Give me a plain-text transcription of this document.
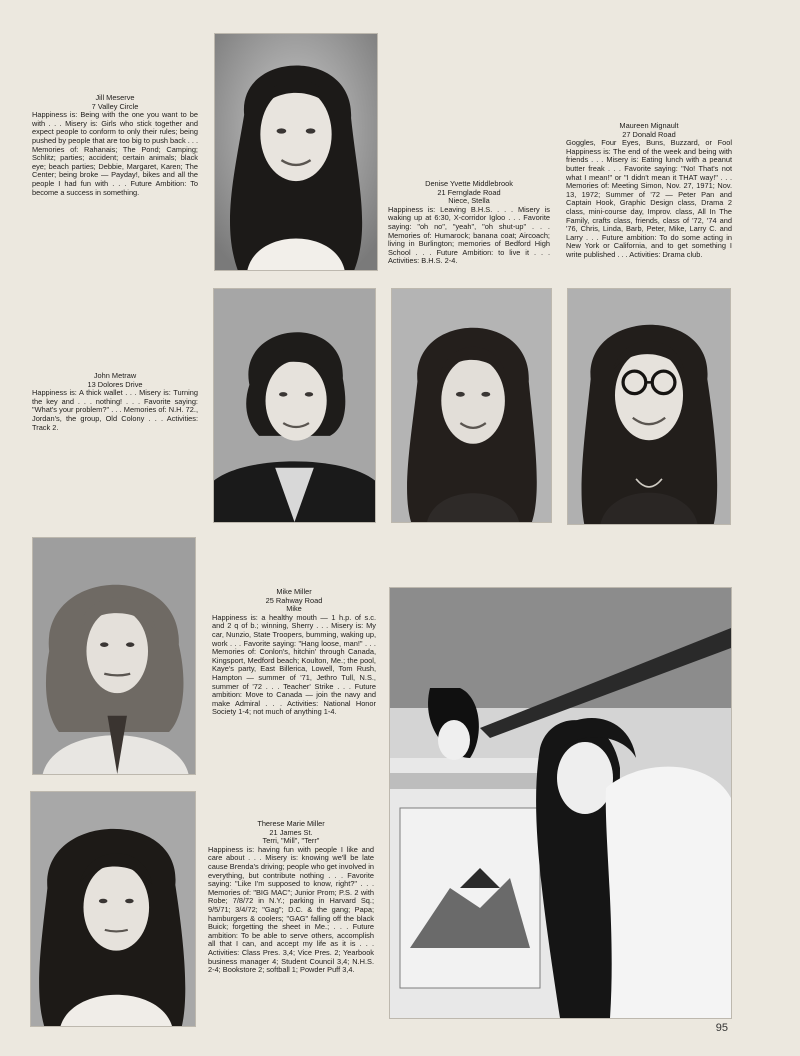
Jill Meserve
7 Valley Circle
Happiness is: Being with the one you want to be with . . . Misery is: Girls who stick together and expect people to conform to only their rules; being pushed by people that are too big to push back . . . Memories of: Rahanais; The Pond; Camping; Schlitz; parties; accident; certain animals; black eye; beach parties; Debbie, Margaret, Karen; The Center; being broke — Payday!, bikes and all the people I had fun with . . . Future Ambition: To become a success in something.
Denise Yvette Middlebrook
21 Fernglade Road
Niece, Stella
Happiness is: Leaving B.H.S. . . . Misery is waking up at 6:30, X-corridor Igloo . . . Favorite saying: "oh no", "yeah", "oh shut-up" . . . Memories of: Humarock; banana coat; Aircoach; living in Burlington; memories of Bedford High School . . . Future Ambition: to live it . . . Activities: B.H.S. 2-4.
Maureen Mignault
27 Donald Road
Goggles, Four Eyes, Buns, Buzzard, or Fool Happiness is: The end of the week and being with friends . . . Misery is: Eating lunch with a peanut butter freak . . . Favorite saying: "No! That's not what I mean!" or "I didn't mean it THAT way!" . . . Memories of: Meeting Simon, Nov. 27, 1971; Nov. 13, 1972; Summer of '72 — Peter Pan and Captain Hook, Graphic Design class, Drama 2 class, mini-course day, Improv. class, All In The Family, crafts class, friends, class of '72, '74 and '76, Chris, Linda, Barb, Peter, Mike, Larry C. and Larry . . . Future ambition: To do some acting in New York or California, and to get something I write published . . . Activities: Drama club.
John Metraw
13 Dolores Drive
Happiness is: A thick wallet . . . Misery is: Turning the key and . . . nothing! . . . Favorite saying: "What's your problem?" . . . Memories of: N.H. 72., Jordan's, the group, Old Colony . . . Activities: Track 2.
Mike Miller
25 Rahway Road
Mike
Happiness is: a healthy mouth — 1 h.p. of s.c. and 2 q of b.; winning, Sherry . . . Misery is: My car, Nunzio, State Troopers, bumming, waking up, work . . . Favorite saying: "Hang loose, man!" . . . Memories of: Conlon's, hitchin' through Canada, Kingsport, Medford beach; Koulton, Me.; the pool, Kaye's party, East Billerica, Lowell, Tom Rush, Hampton — summer of '71, Jethro Tull, N.S., summer of '72 . . . Teacher' Strike . . . Future ambition: Move to Canada — join the navy and make Admiral . . . Activities: National Honor Society 1-4; not much of anything 1-4.
Therese Marie Miller
21 James St.
Terri, "Mill", "Terr"
Happiness is: having fun with people I like and care about . . . Misery is: knowing we'll be late cause Brenda's driving; people who get involved in everything, but contribute nothing . . . Favorite saying: "Like I'm supposed to know, right?" . . . Memories of: "BIG MAC"; Junior Prom; P.S. 2 with Robe; 7/8/72 in N.Y.; parking in Harvard Sq.; 9/5/71; 3/4/72; "Gag"; D.C. & the gang; Papa; hamburgers & coolers; "GAG" falling off the black Buick; forgetting the sheet in Me.; . . . Future ambition: To be able to serve others, accomplish all that I can, and accept my life as it is . . . Activities: Class Pres. 3,4; Vice Pres. 2; Yearbook business manager 4; Student Council 3,4; N.H.S. 2-4; Bookstore 2; softball 1; Powder Puff 3,4.
95
